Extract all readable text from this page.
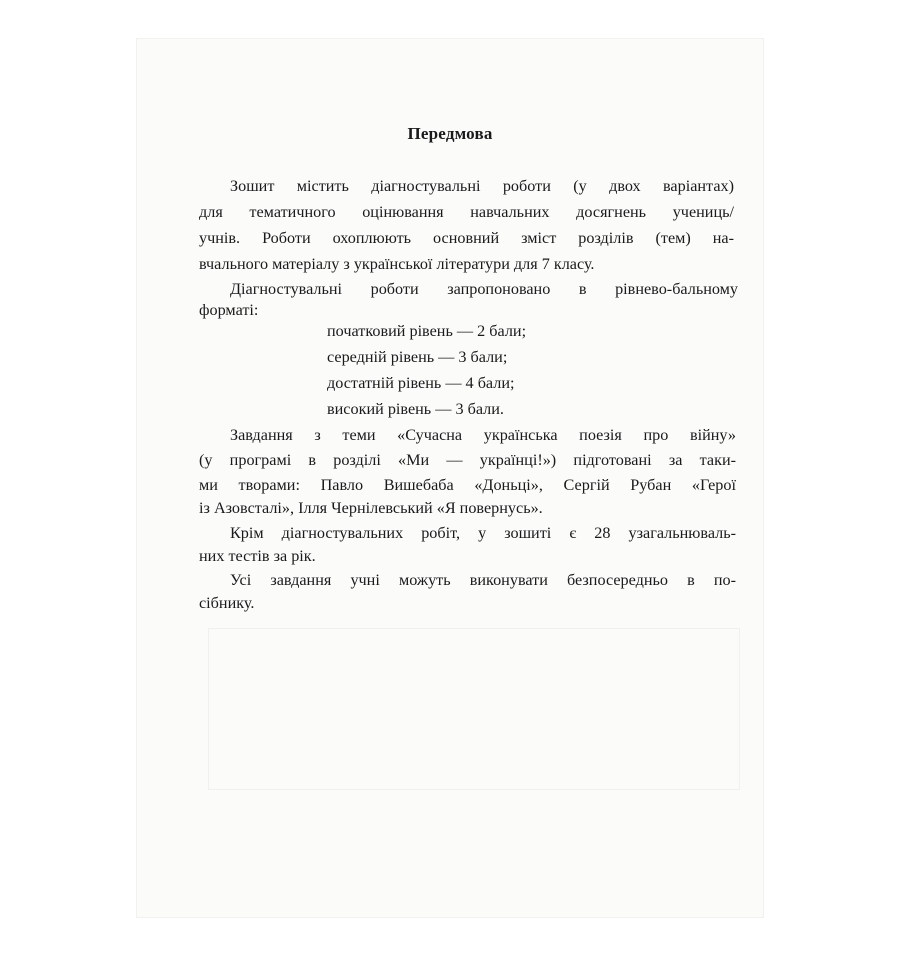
Передмова
Зошит містить діагностувальні роботи (у двох варіантах)
для тематичного оцінювання навчальних досягнень учениць/
учнів. Роботи охоплюють основний зміст розділів (тем) на-
вчального матеріалу з української літератури для 7 класу.
Діагностувальні роботи запропоновано в рівнево-бальному
форматі:
початковий рівень — 2 бали;
середній рівень — 3 бали;
достатній рівень — 4 бали;
високий рівень — 3 бали.
Завдання з теми «Сучасна українська поезія про війну»
(у програмі в розділі «Ми — українці!») підготовані за таки-
ми творами: Павло Вишебаба «Доньці», Сергій Рубан «Герої
із Азовсталі», Ілля Чернілевський «Я повернусь».
Крім діагностувальних робіт, у зошиті є 28 узагальнюваль-
них тестів за рік.
Усі завдання учні можуть виконувати безпосередньо в по-
сібнику.
